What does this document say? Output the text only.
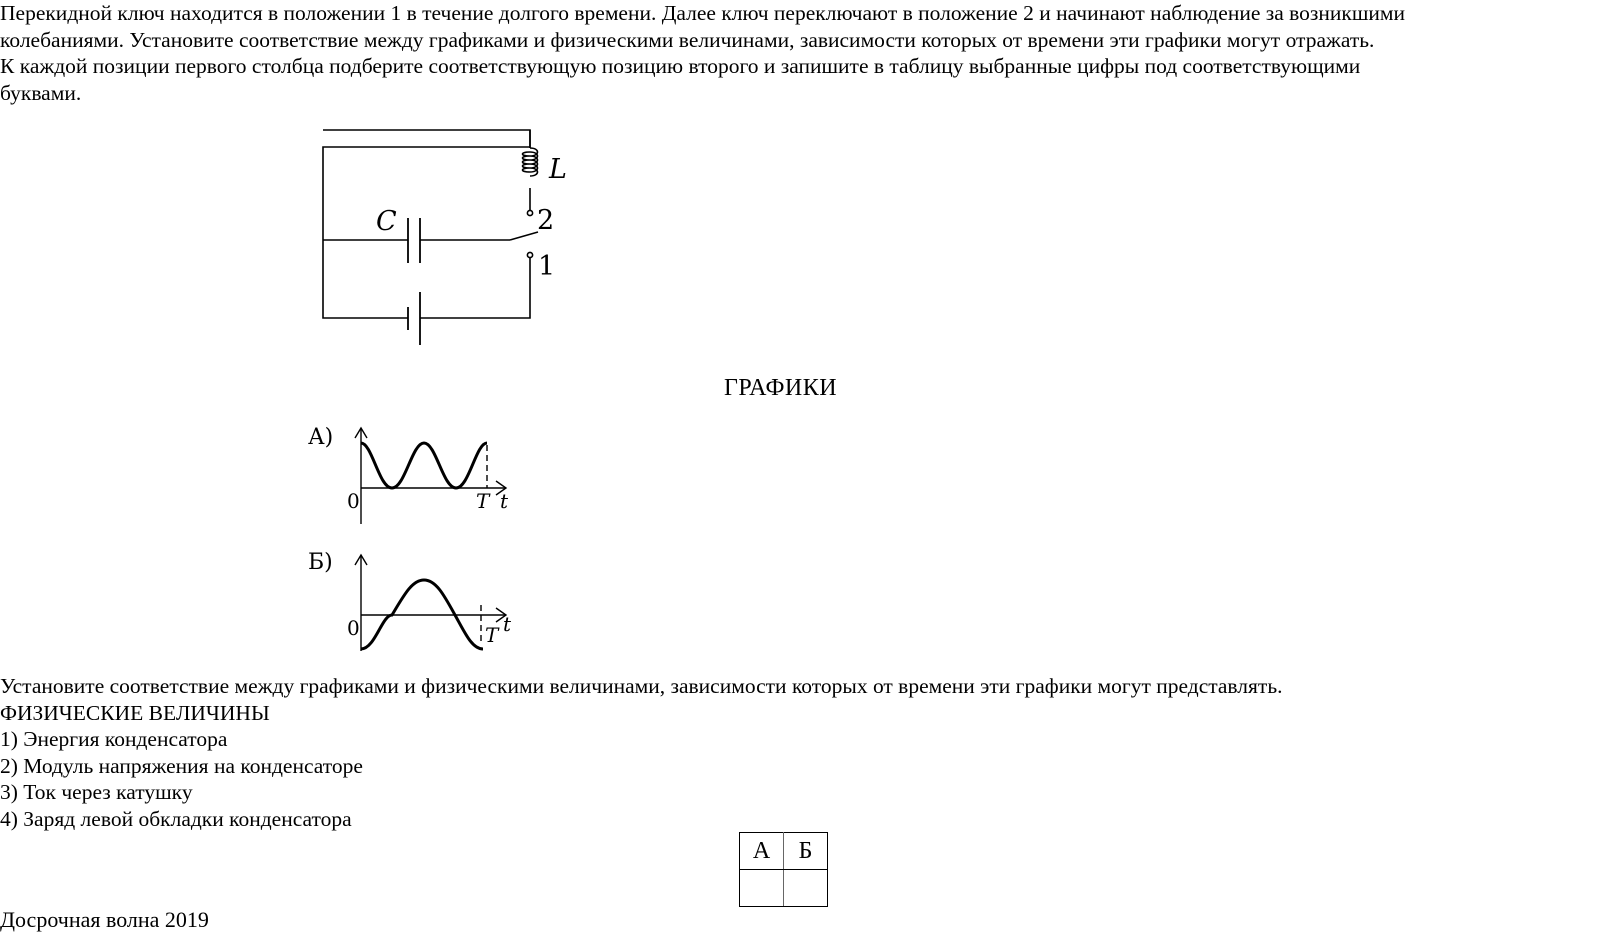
Перекидной ключ находится в положении 1 в течение долгого времени. Далее ключ переключают в положение 2 и начинают наблюдение за возникшими

колебаниями. Установите соответствие между графиками и физическими величинами, зависимости которых от времени эти графики могут отражать.

К каждой позиции первого столбца подберите соответствующую позицию второго и запишите в таблицу выбранные цифры под соответствующими

буквами.

L
C	2
1
ГРАФИКИ
А)
0	T t
Б)
0	T t

Установите соответствие между графиками и физическими величинами, зависимости которых от времени эти графики могут представлять.

ФИЗИЧЕСКИЕ ВЕЛИЧИНЫ

1) Энергия конденсатора

2) Модуль напряжения на конденсаторе

3) Ток через катушку

4) Заряд левой обкладки конденсатора

А	Б

Досрочная волна 2019
